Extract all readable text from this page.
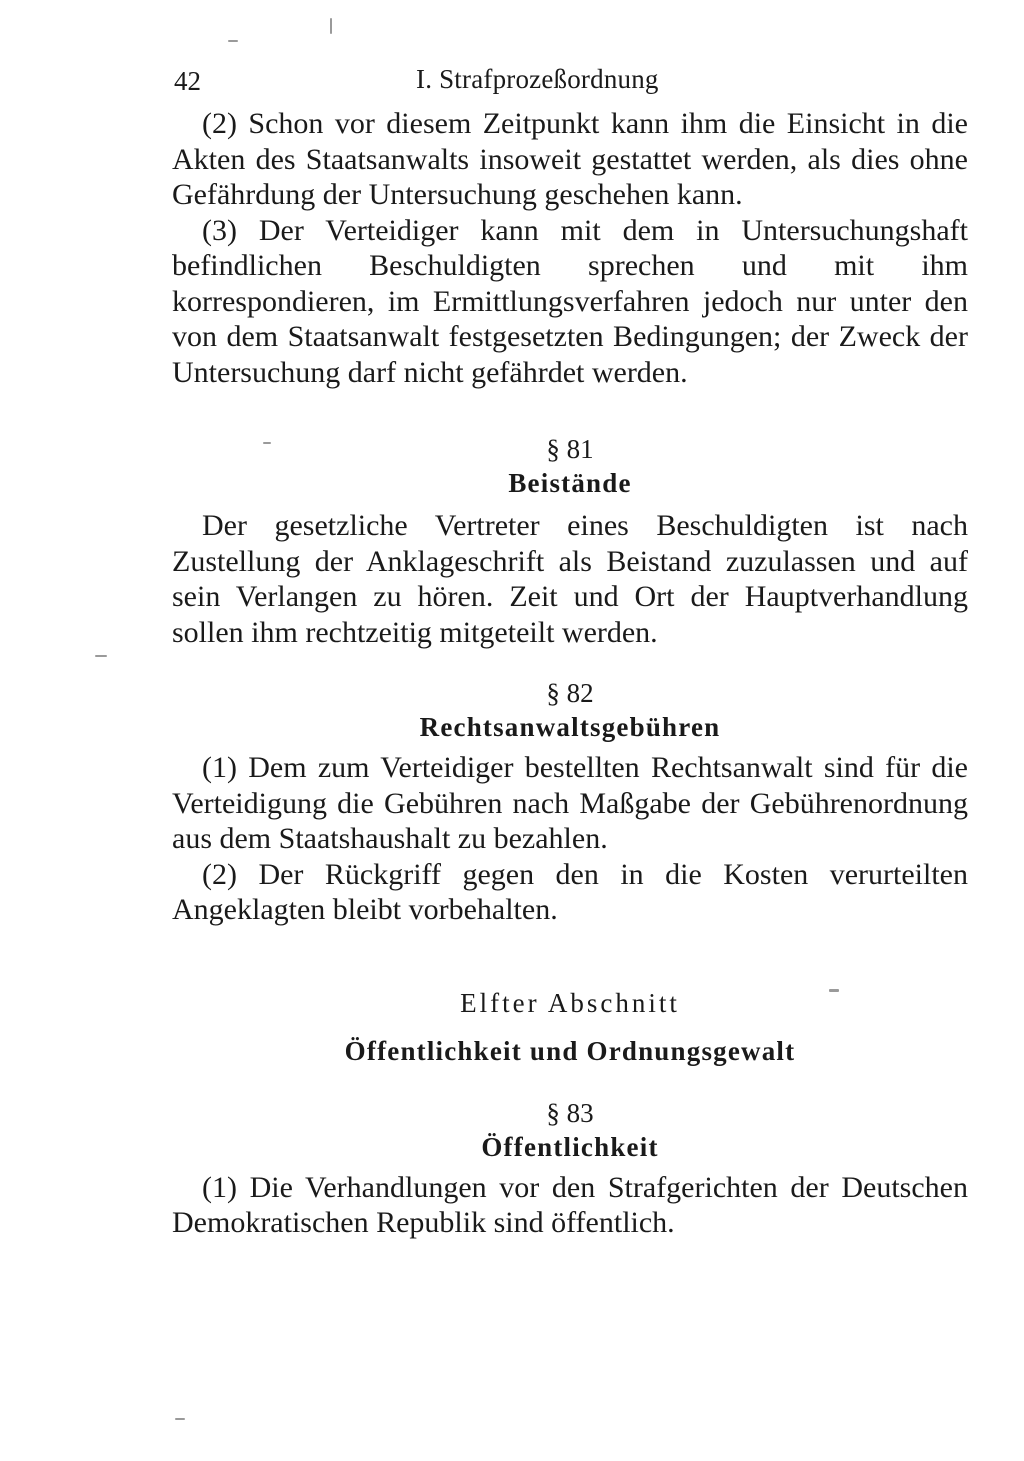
42	I. Strafprozeßordnung

(2) Schon vor diesem Zeitpunkt kann ihm die Einsicht in die Akten des Staatsanwalts insoweit gestattet werden, als dies ohne Gefährdung der Untersuchung geschehen kann.

(3) Der Verteidiger kann mit dem in Untersuchungshaft befindlichen Beschuldigten sprechen und mit ihm korrespondieren, im Ermittlungsverfahren jedoch nur unter den von dem Staatsanwalt festgesetzten Bedingungen; der Zweck der Untersuchung darf nicht gefährdet werden.

§ 81

Beistände

Der gesetzliche Vertreter eines Beschuldigten ist nach Zustellung der Anklageschrift als Beistand zuzulassen und auf sein Verlangen zu hören. Zeit und Ort der Hauptverhandlung sollen ihm rechtzeitig mitgeteilt werden.

§ 82

Rechtsanwaltsgebühren

(1) Dem zum Verteidiger bestellten Rechtsanwalt sind für die Verteidigung die Gebühren nach Maßgabe der Gebührenordnung aus dem Staatshaushalt zu bezahlen.

(2) Der Rückgriff gegen den in die Kosten verurteilten Angeklagten bleibt vorbehalten.

Elfter Abschnitt

Öffentlichkeit und Ordnungsgewalt

§ 83

Öffentlichkeit

(1) Die Verhandlungen vor den Strafgerichten der Deutschen Demokratischen Republik sind öffentlich.
